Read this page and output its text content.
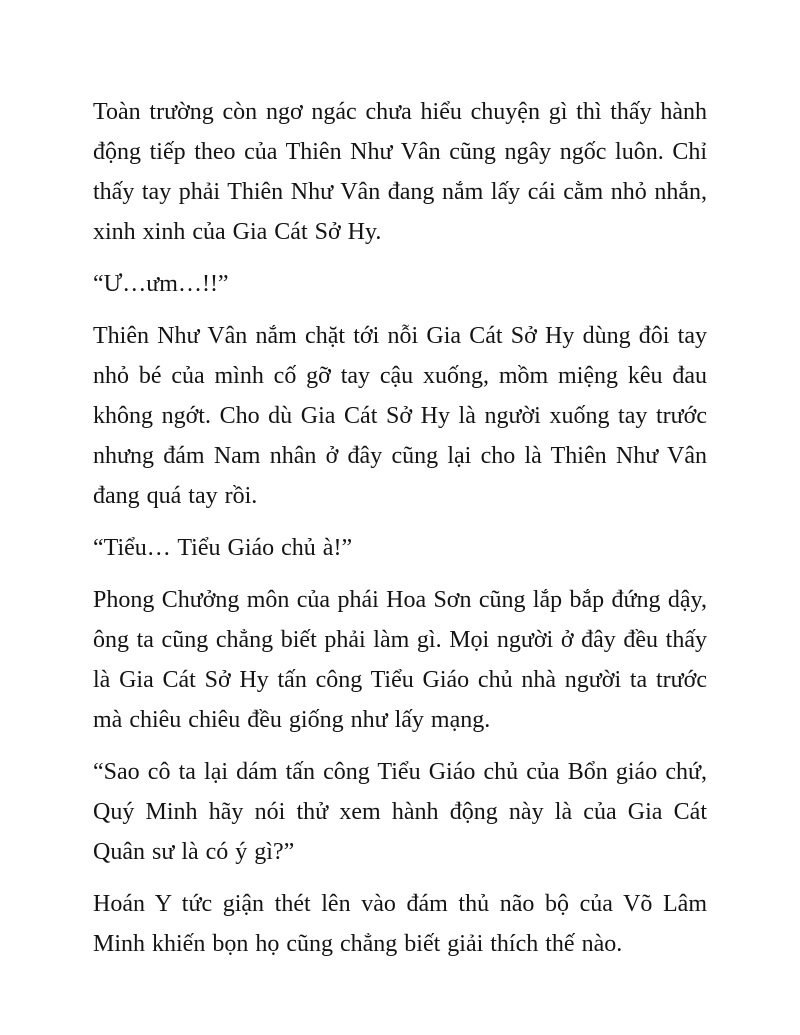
Toàn trường còn ngơ ngác chưa hiểu chuyện gì thì thấy hành động tiếp theo của Thiên Như Vân cũng ngây ngốc luôn. Chỉ thấy tay phải Thiên Như Vân đang nắm lấy cái cằm nhỏ nhắn, xinh xinh của Gia Cát Sở Hy.

“Ư…ưm…!!”

Thiên Như Vân nắm chặt tới nỗi Gia Cát Sở Hy dùng đôi tay nhỏ bé của mình cố gỡ tay cậu xuống, mồm miệng kêu đau không ngớt. Cho dù Gia Cát Sở Hy là người xuống tay trước nhưng đám Nam nhân ở đây cũng lại cho là Thiên Như Vân đang quá tay rồi.

“Tiểu… Tiểu Giáo chủ à!”

Phong Chưởng môn của phái Hoa Sơn cũng lắp bắp đứng dậy, ông ta cũng chẳng biết phải làm gì. Mọi người ở đây đều thấy là Gia Cát Sở Hy tấn công Tiểu Giáo chủ nhà người ta trước mà chiêu chiêu đều giống như lấy mạng.

“Sao cô ta lại dám tấn công Tiểu Giáo chủ của Bổn giáo chứ, Quý Minh hãy nói thử xem hành động này là của Gia Cát Quân sư là có ý gì?”

Hoán Y tức giận thét lên vào đám thủ não bộ của Võ Lâm Minh khiến bọn họ cũng chẳng biết giải thích thế nào.
